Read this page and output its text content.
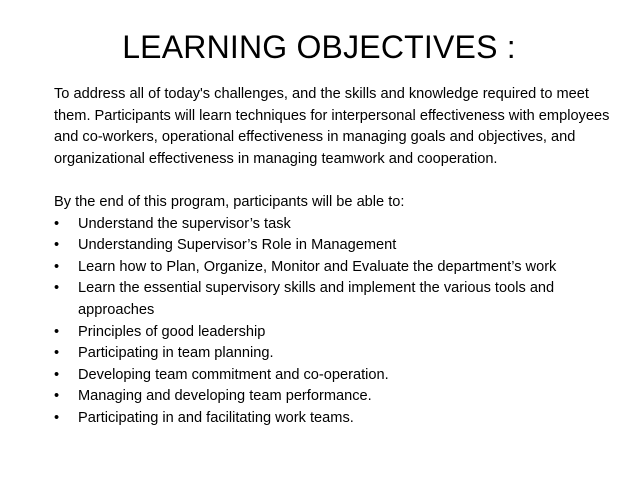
LEARNING OBJECTIVES :

To address all of today's challenges, and the skills and knowledge required to meet them. Participants will learn techniques for interpersonal effectiveness with employees and co-workers, operational effectiveness in managing goals and objectives, and organizational effectiveness in managing teamwork and cooperation.

By the end of this program, participants will be able to:

• Understand the supervisor’s task
• Understanding Supervisor’s Role in Management
• Learn how to Plan, Organize, Monitor and Evaluate the department’s work
• Learn the essential supervisory skills and implement the various tools and approaches
• Principles of good leadership
• Participating in team planning.
• Developing team commitment and co-operation.
• Managing and developing team performance.
• Participating in and facilitating work teams.
